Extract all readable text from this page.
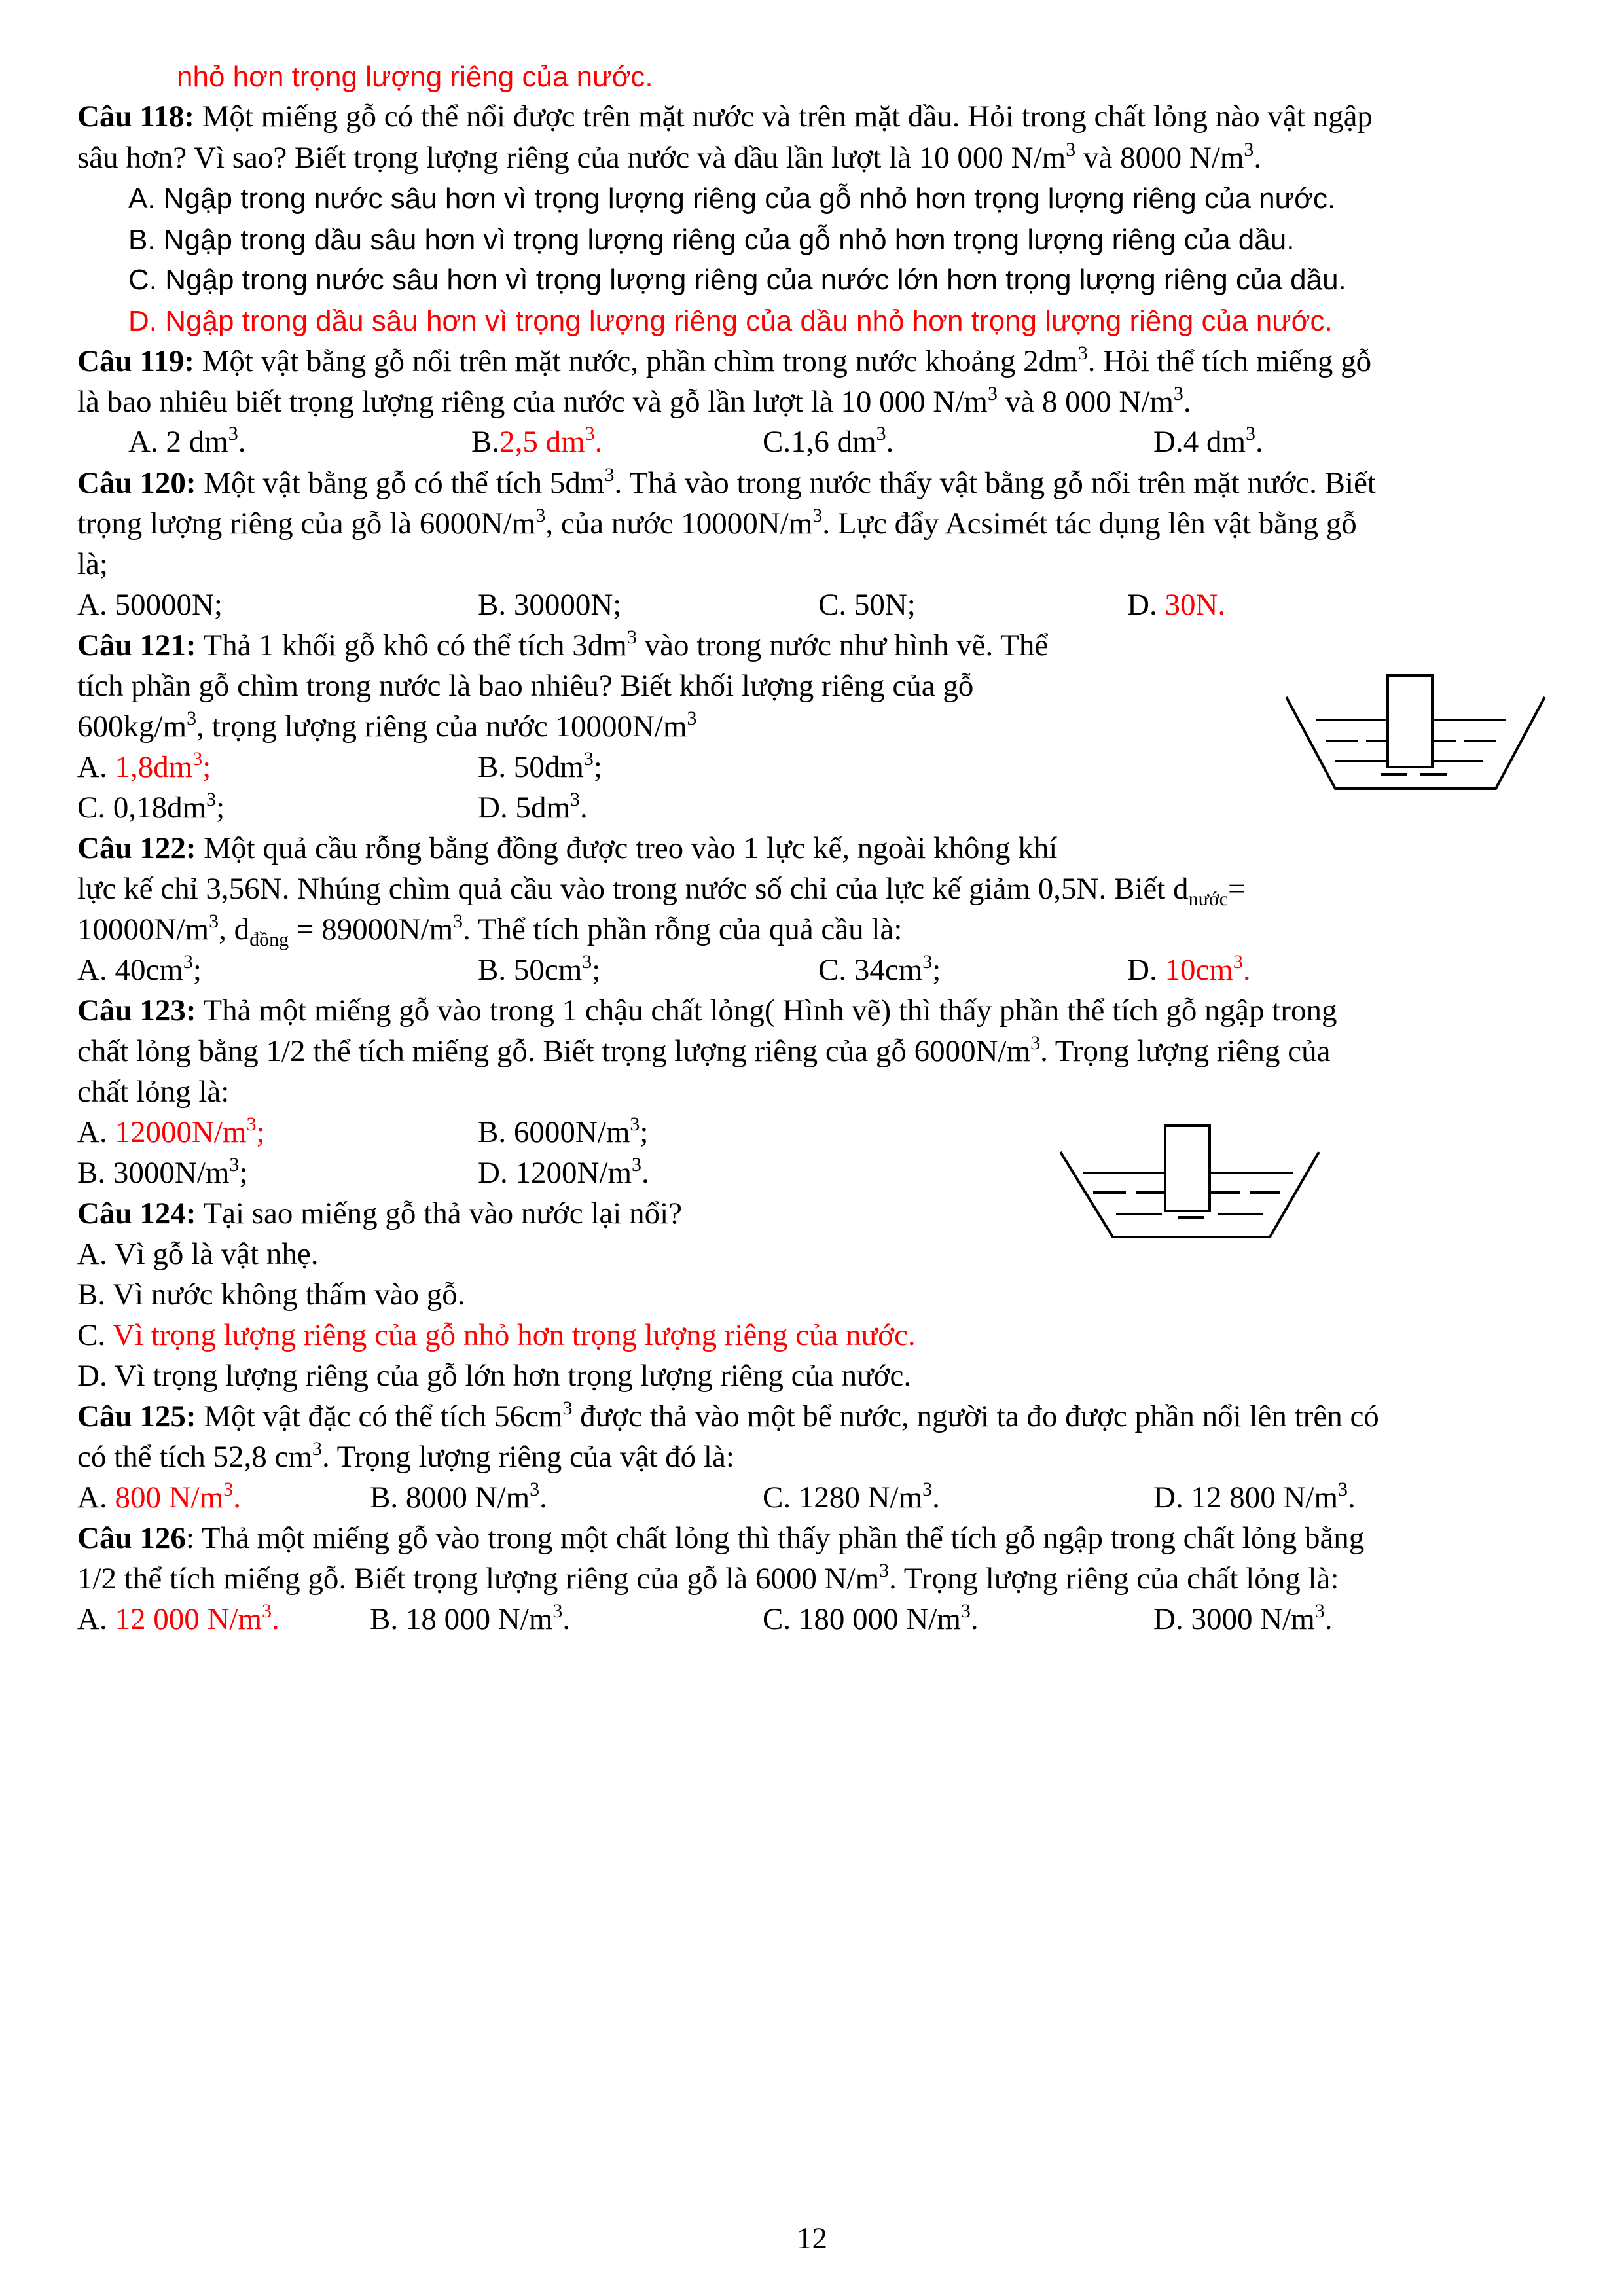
nhỏ hơn trọng lượng riêng của nước.
Câu 118: Một miếng gỗ có thể nổi được trên mặt nước và trên mặt dầu. Hỏi trong chất lỏng nào vật ngập
sâu hơn? Vì sao? Biết trọng lượng riêng của nước và dầu lần lượt là 10 000 $N/m^3$ và 8000 $N/m^3$.
A. Ngập trong nước sâu hơn vì trọng lượng riêng của gỗ nhỏ hơn trọng lượng riêng của nước.
B. Ngập trong dầu sâu hơn vì trọng lượng riêng của gỗ nhỏ hơn trọng lượng riêng của dầu.
C. Ngập trong nước sâu hơn vì trọng lượng riêng của nước lớn hơn trọng lượng riêng của dầu.
D. Ngập trong dầu sâu hơn vì trọng lượng riêng của dầu nhỏ hơn trọng lượng riêng của nước.
Câu 119: Một vật bằng gỗ nổi trên mặt nước, phần chìm trong nước khoảng $2dm^3$. Hỏi thể tích miếng gỗ
là bao nhiêu biết trọng lượng riêng của nước và gỗ lần lượt là 10 000 $N/m^3$ và 8 000 $N/m^3$.
A. 2 $dm^3$.	B.2,5 $dm^3$.	C.1,6 $dm^3$.	D.4 $dm^3$.
Câu 120: Một vật bằng gỗ có thể tích $5dm^3$. Thả vào trong nước thấy vật bằng gỗ nổi trên mặt nước. Biết
trọng lượng riêng của gỗ là $6000N/m^3$, của nước $10000N/m^3$. Lực đẩy Acsimét tác dụng lên vật bằng gỗ
là;
A. 50000N;	B. 30000N;	C. 50N;	D. 30N.
Câu 121: Thả 1 khối gỗ khô có thể tích $3dm^3$ vào trong nước như hình vẽ. Thể
tích phần gỗ chìm trong nước là bao nhiêu? Biết khối lượng riêng của gỗ
$600kg/m^3$, trọng lượng riêng của nước $10000N/m^3$
A. $1,8dm^3$;	B. $50dm^3$;
C. $0,18dm^3$;	D. $5dm^3$.
Câu 122: Một quả cầu rỗng bằng đồng được treo vào 1 lực kế, ngoài không khí
lực kế chỉ 3,56N. Nhúng chìm quả cầu vào trong nước số chỉ của lực kế giảm 0,5N. Biết $d_{nước}=$
$10000N/m^3$, $d_{đồng} = 89000N/m^3$. Thể tích phần rỗng của quả cầu là:
A. $40cm^3$;	B. $50cm^3$;	C. $34cm^3$;	D. $10cm^3$.
Câu 123: Thả một miếng gỗ vào trong 1 chậu chất lỏng( Hình vẽ) thì thấy phần thể tích gỗ ngập trong
chất lỏng bằng 1/2 thể tích miếng gỗ. Biết trọng lượng riêng của gỗ $6000N/m^3$. Trọng lượng riêng của
chất lỏng là:
A. $12000N/m^3$;	B. $6000N/m^3$;
B. $3000N/m^3$;	D. $1200N/m^3$.
Câu 124: Tại sao miếng gỗ thả vào nước lại nổi?
A. Vì gỗ là vật nhẹ.
B. Vì nước không thấm vào gỗ.
C. Vì trọng lượng riêng của gỗ nhỏ hơn trọng lượng riêng của nước.
D. Vì trọng lượng riêng của gỗ lớn hơn trọng lượng riêng của nước.
Câu 125: Một vật đặc có thể tích $56cm^3$ được thả vào một bể nước, người ta đo được phần nổi lên trên có
có thể tích 52,8 $cm^3$. Trọng lượng riêng của vật đó là:
A. 800 $N/m^3$.	B. 8000 $N/m^3$.	C. 1280 $N/m^3$.	D. 12 800 $N/m^3$.
Câu 126: Thả một miếng gỗ vào trong một chất lỏng thì thấy phần thể tích gỗ ngập trong chất lỏng bằng
1/2 thể tích miếng gỗ. Biết trọng lượng riêng của gỗ là 6000 $N/m^3$. Trọng lượng riêng của chất lỏng là:
A. 12 000 $N/m^3$.	B. 18 000 $N/m^3$.	C. 180 000 $N/m^3$.	D. 3000 $N/m^3$.
12
